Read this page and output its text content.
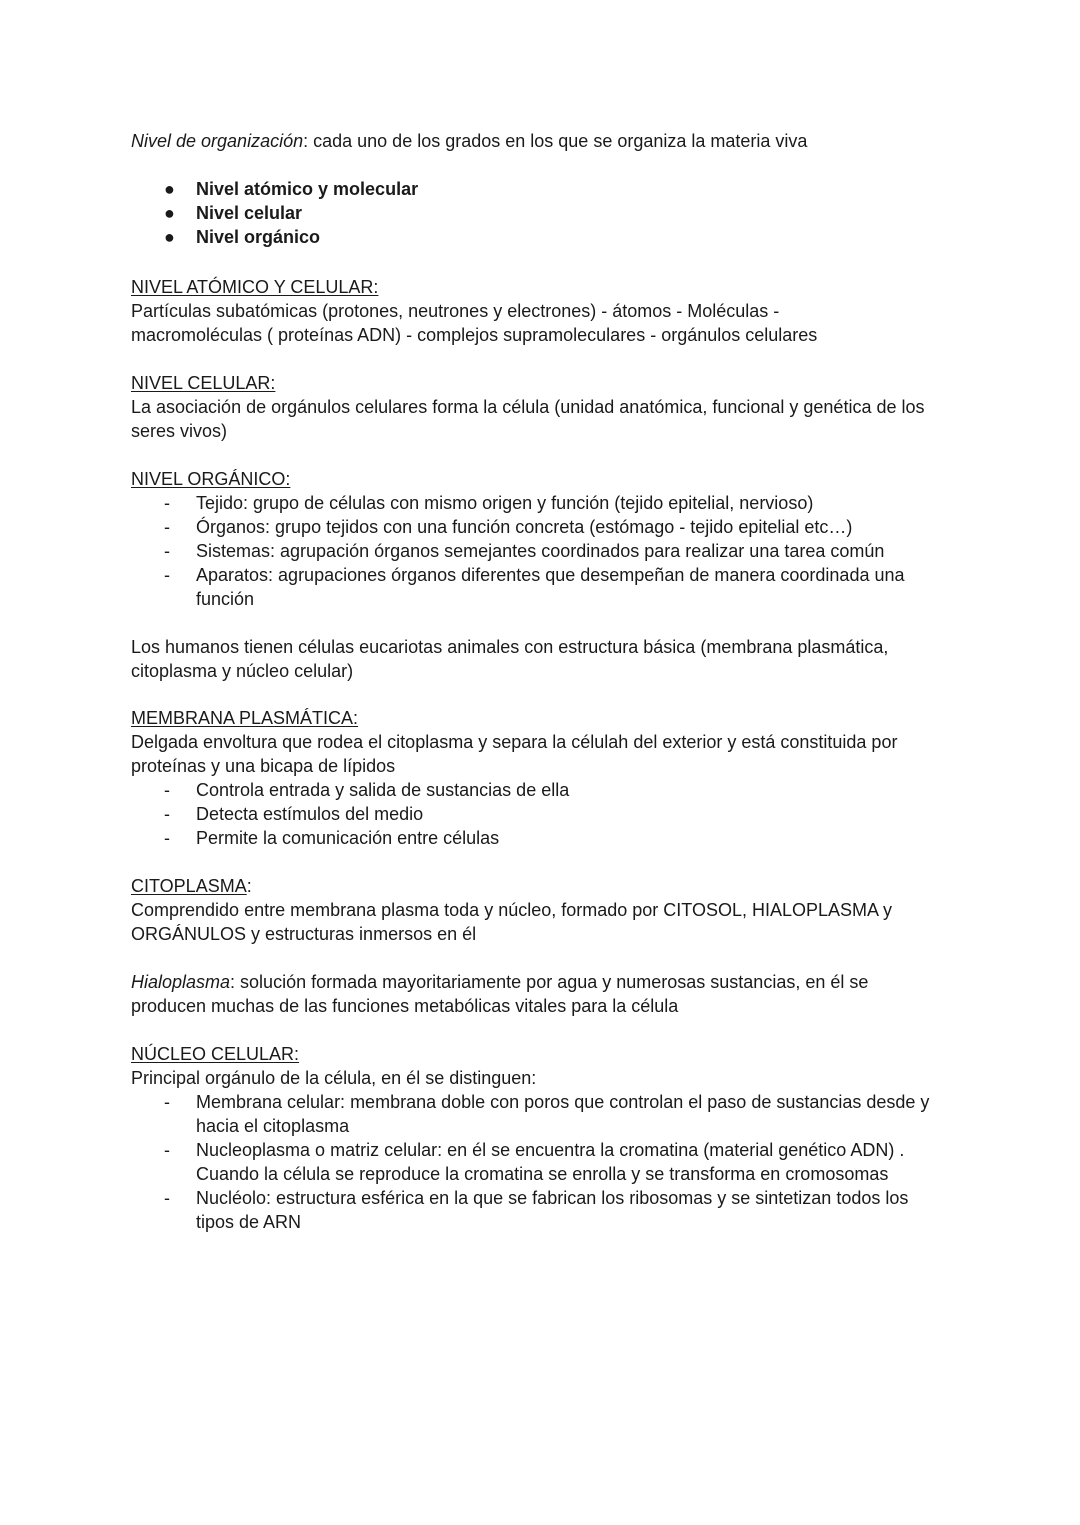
Nivel de organización: cada uno de los grados en los que se organiza la materia viva
● Nivel atómico y molecular
● Nivel celular
● Nivel orgánico
NIVEL ATÓMICO Y CELULAR:
Partículas subatómicas (protones, neutrones y electrones) - átomos - Moléculas - macromoléculas ( proteínas ADN) - complejos supramoleculares - orgánulos celulares
NIVEL CELULAR:
La asociación de orgánulos celulares forma la célula (unidad anatómica, funcional y genética de los seres vivos)
NIVEL ORGÁNICO:
- Tejido: grupo de células con mismo origen y función (tejido epitelial, nervioso)
- Órganos: grupo tejidos con una función concreta (estómago - tejido epitelial etc…)
- Sistemas: agrupación órganos semejantes coordinados para realizar una tarea común
- Aparatos: agrupaciones órganos diferentes que desempeñan de manera coordinada una función
Los humanos tienen células eucariotas animales con estructura básica (membrana plasmática, citoplasma y núcleo celular)
MEMBRANA PLASMÁTICA:
Delgada envoltura que rodea el citoplasma y separa la célulah del exterior y está constituida por proteínas y una bicapa de lípidos
- Controla entrada y salida de sustancias de ella
- Detecta estímulos del medio
- Permite la comunicación entre células
CITOPLASMA:
Comprendido entre membrana plasma toda y núcleo, formado por CITOSOL, HIALOPLASMA y ORGÁNULOS y estructuras inmersos en él
Hialoplasma: solución formada mayoritariamente por agua y numerosas sustancias, en él se producen muchas de las funciones metabólicas vitales para la célula
NÚCLEO CELULAR:
Principal orgánulo de la célula, en él se distinguen:
- Membrana celular: membrana doble con poros que controlan el paso de sustancias desde y hacia el citoplasma
- Nucleoplasma o matriz celular: en él se encuentra la cromatina (material genético ADN) . Cuando la célula se reproduce la cromatina se enrolla y se transforma en cromosomas
- Nucléolo: estructura esférica en la que se fabrican los ribosomas y se sintetizan todos los tipos de ARN
